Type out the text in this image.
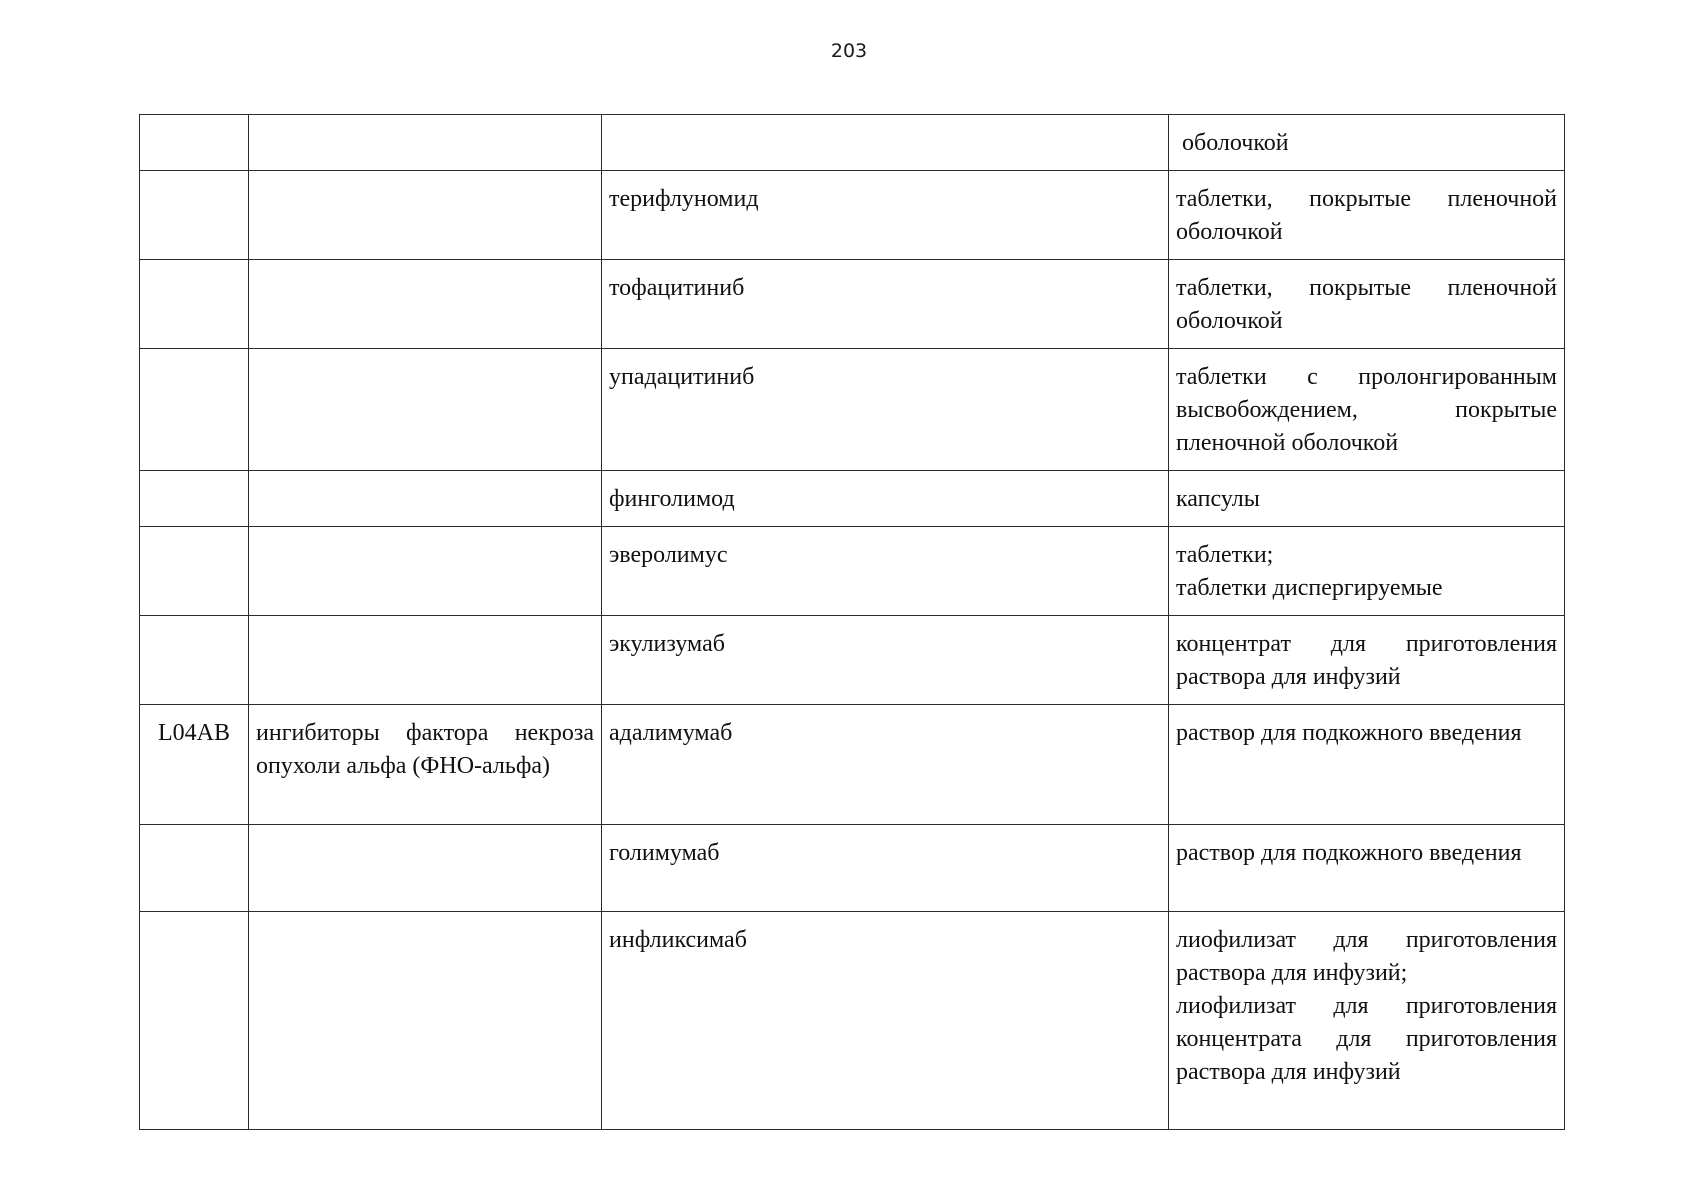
203

			оболочкой

		терифлуномид	таблетки, покрытые пленочной оболочкой

		тофацитиниб	таблетки, покрытые пленочной оболочкой

		упадацитиниб	таблетки с пролонгированным высвобождением, покрытые пленочной оболочкой

		финголимод	капсулы

		эверолимус	таблетки;
таблетки диспергируемые

		экулизумаб	концентрат для приготовления раствора для инфузий

L04AB	ингибиторы фактора некроза опухоли альфа (ФНО-альфа)	адалимумаб	раствор для подкожного введения

		голимумаб	раствор для подкожного введения

		инфликсимаб	лиофилизат для приготовления раствора для инфузий;
лиофилизат для приготовления концентрата для приготовления раствора для инфузий
